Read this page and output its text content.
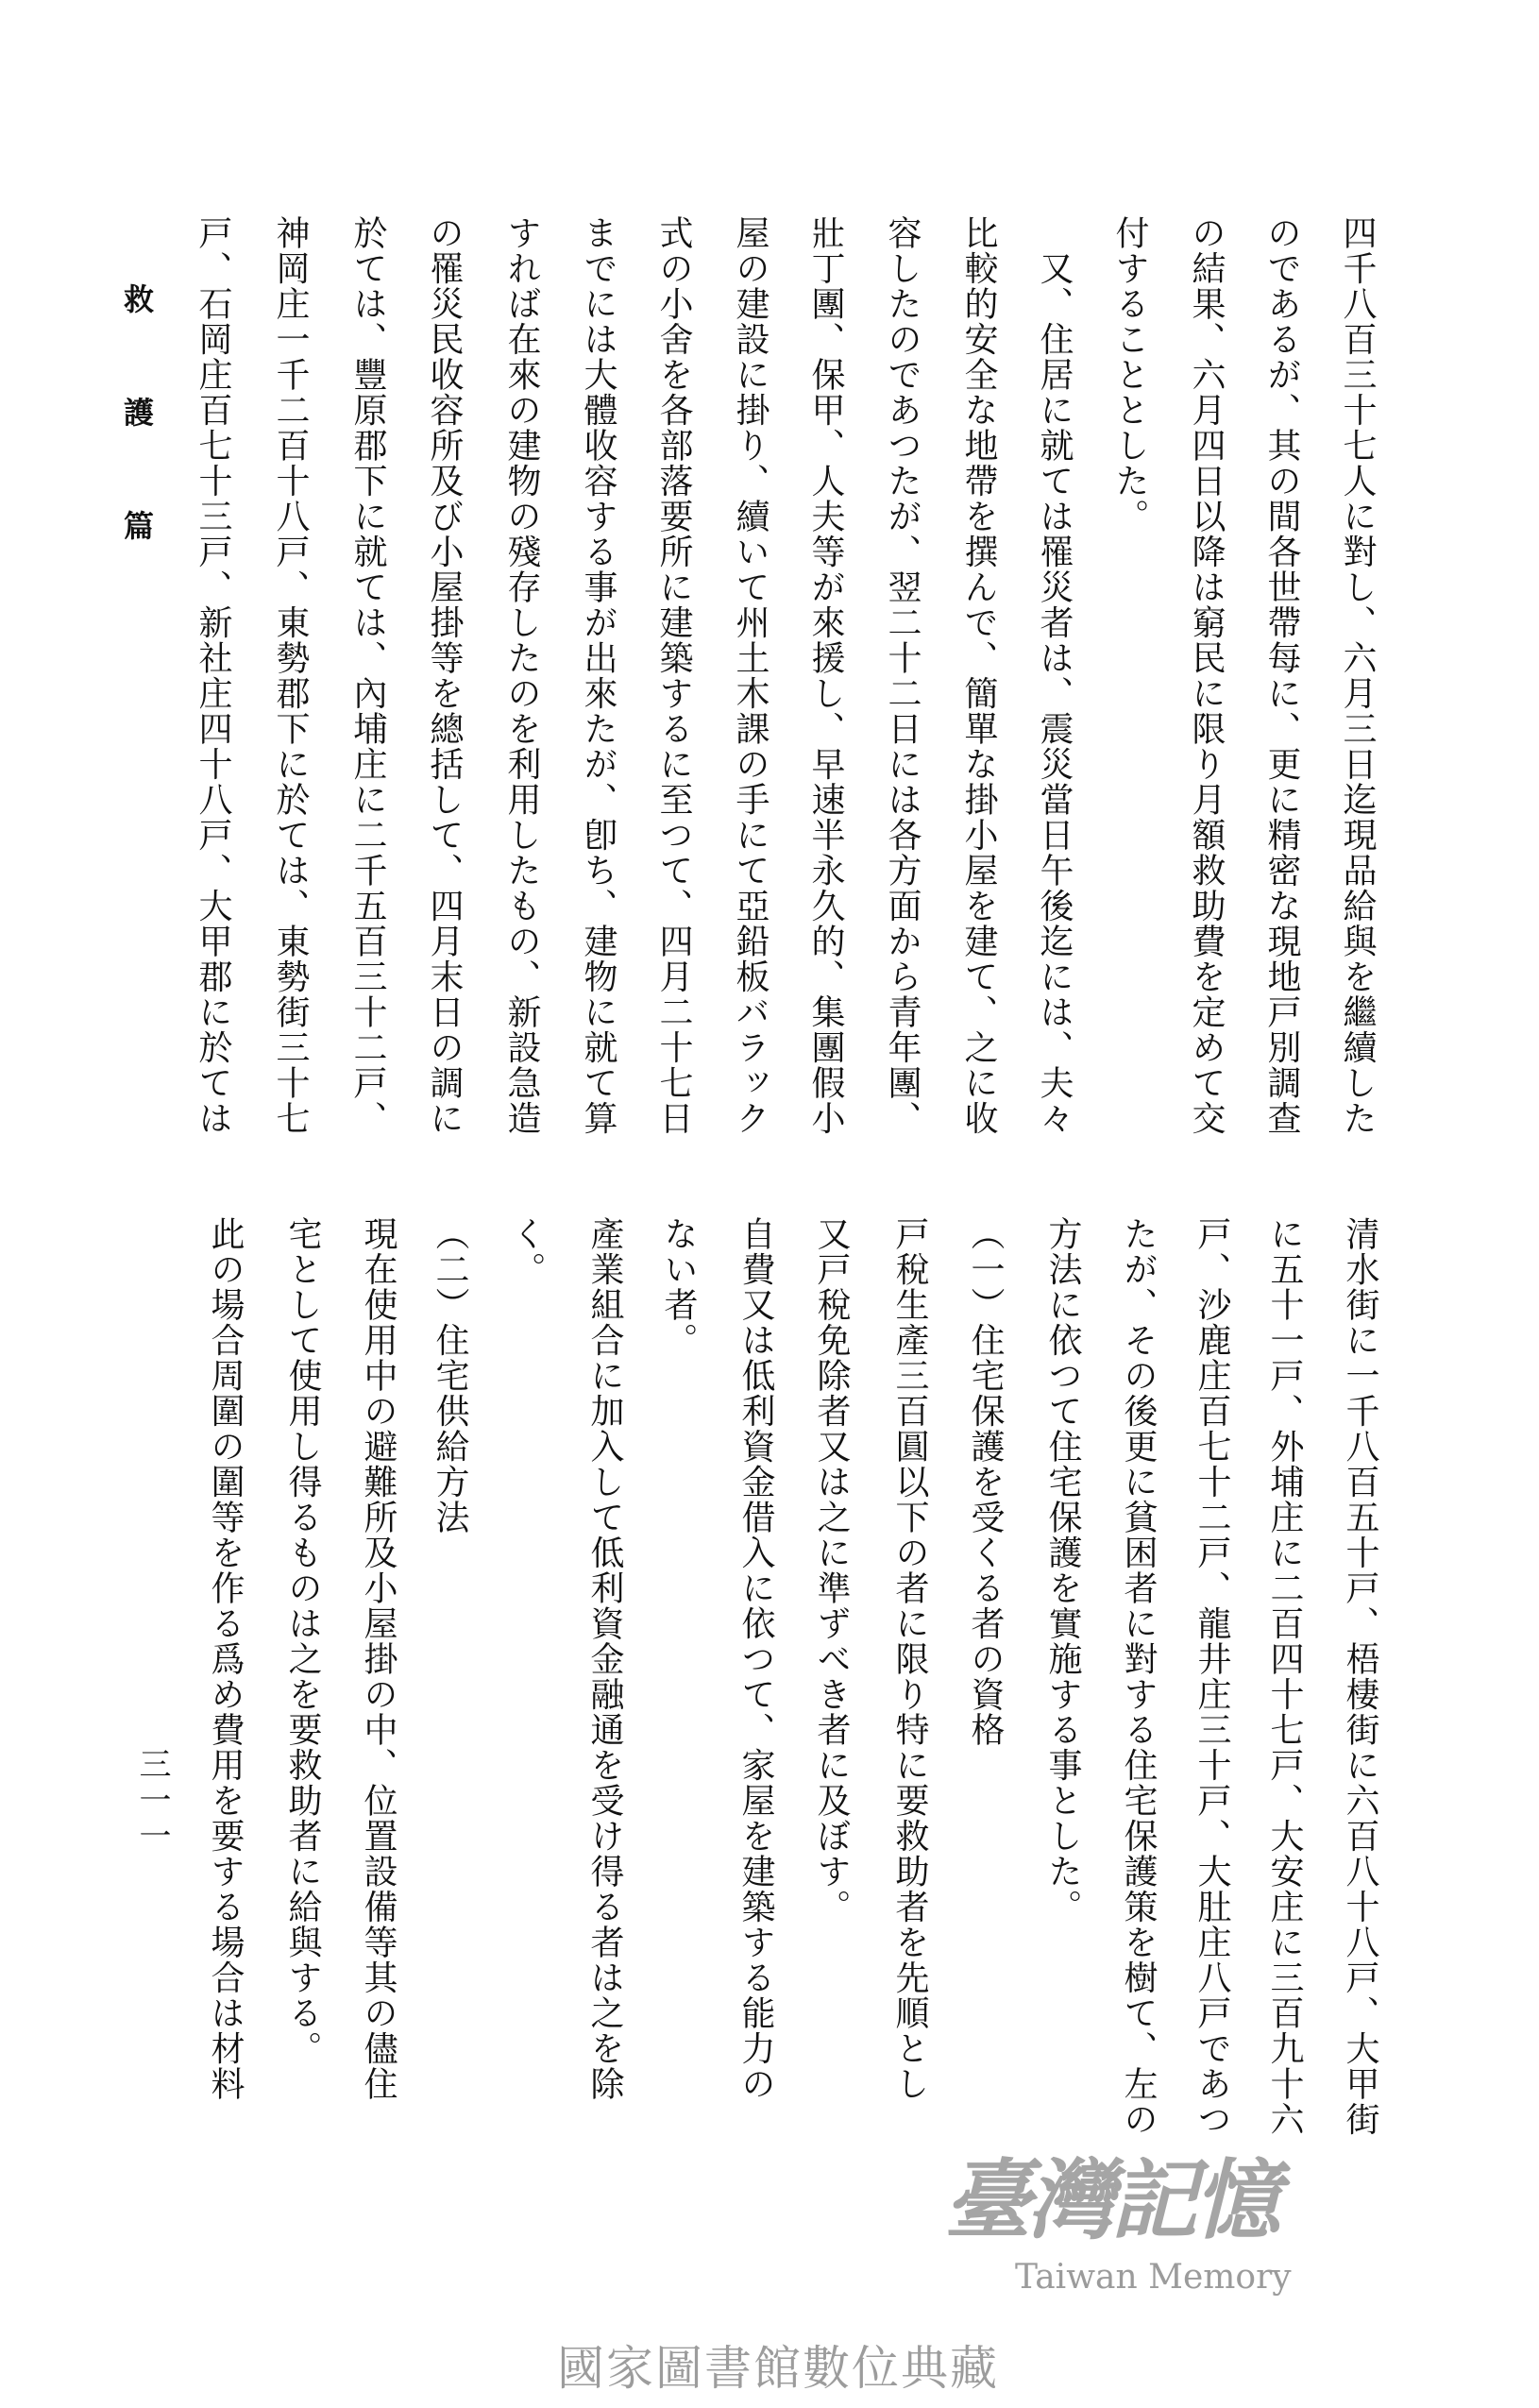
救護篇	四千八百三十七人に對し、六月三日迄現品給與を繼續した
のであるが、其の間各世帶每に、更に精密な現地戸別調查
の結果、六月四日以降は窮民に限り月額救助費を定めて交
付することとした。
　又、住居に就ては罹災者は、震災當日午後迄には、夫々
比較的安全な地帶を撰んで、簡單な掛小屋を建て、之に收
容したのであつたが、翌二十二日には各方面から青年團、
壯丁團、保甲、人夫等が來援し、早速半永久的、集團假小
屋の建設に掛り、續いて州土木課の手にて亞鉛板バラック
式の小舍を各部落要所に建築するに至つて、四月二十七日
までには大體收容する事が出來たが、卽ち、建物に就て算
すれば在來の建物の殘存したのを利用したもの、新設急造
の罹災民收容所及び小屋掛等を總括して、四月末日の調に
於ては、豐原郡下に就ては、內埔庄に二千五百三十二戸、
神岡庄一千二百十八戸、東勢郡下に於ては、東勢街三十七
戸、石岡庄百七十三戸、新社庄四十八戸、大甲郡に於ては
清水街に一千八百五十戸、梧棲街に六百八十八戸、大甲街
に五十一戸、外埔庄に二百四十七戸、大安庄に三百九十六
戸、沙鹿庄百七十二戸、龍井庄三十戸、大肚庄八戸であつ
たが、その後更に貧困者に對する住宅保護策を樹て、左の
方法に依つて住宅保護を實施する事とした。
（一）住宅保護を受くる者の資格
戸稅生產三百圓以下の者に限り特に要救助者を先順とし
又戸稅免除者又は之に準ずべき者に及ぼす。
自費又は低利資金借入に依つて、家屋を建築する能力の
ない者。
產業組合に加入して低利資金融通を受け得る者は之を除
く。
（二）住宅供給方法
現在使用中の避難所及小屋掛の中、位置設備等其の儘住
宅として使用し得るものは之を要救助者に給與する。
此の場合周圍の圍等を作る爲め費用を要する場合は材料
三一一
臺灣記憶
Taiwan Memory
國家圖書館數位典藏
